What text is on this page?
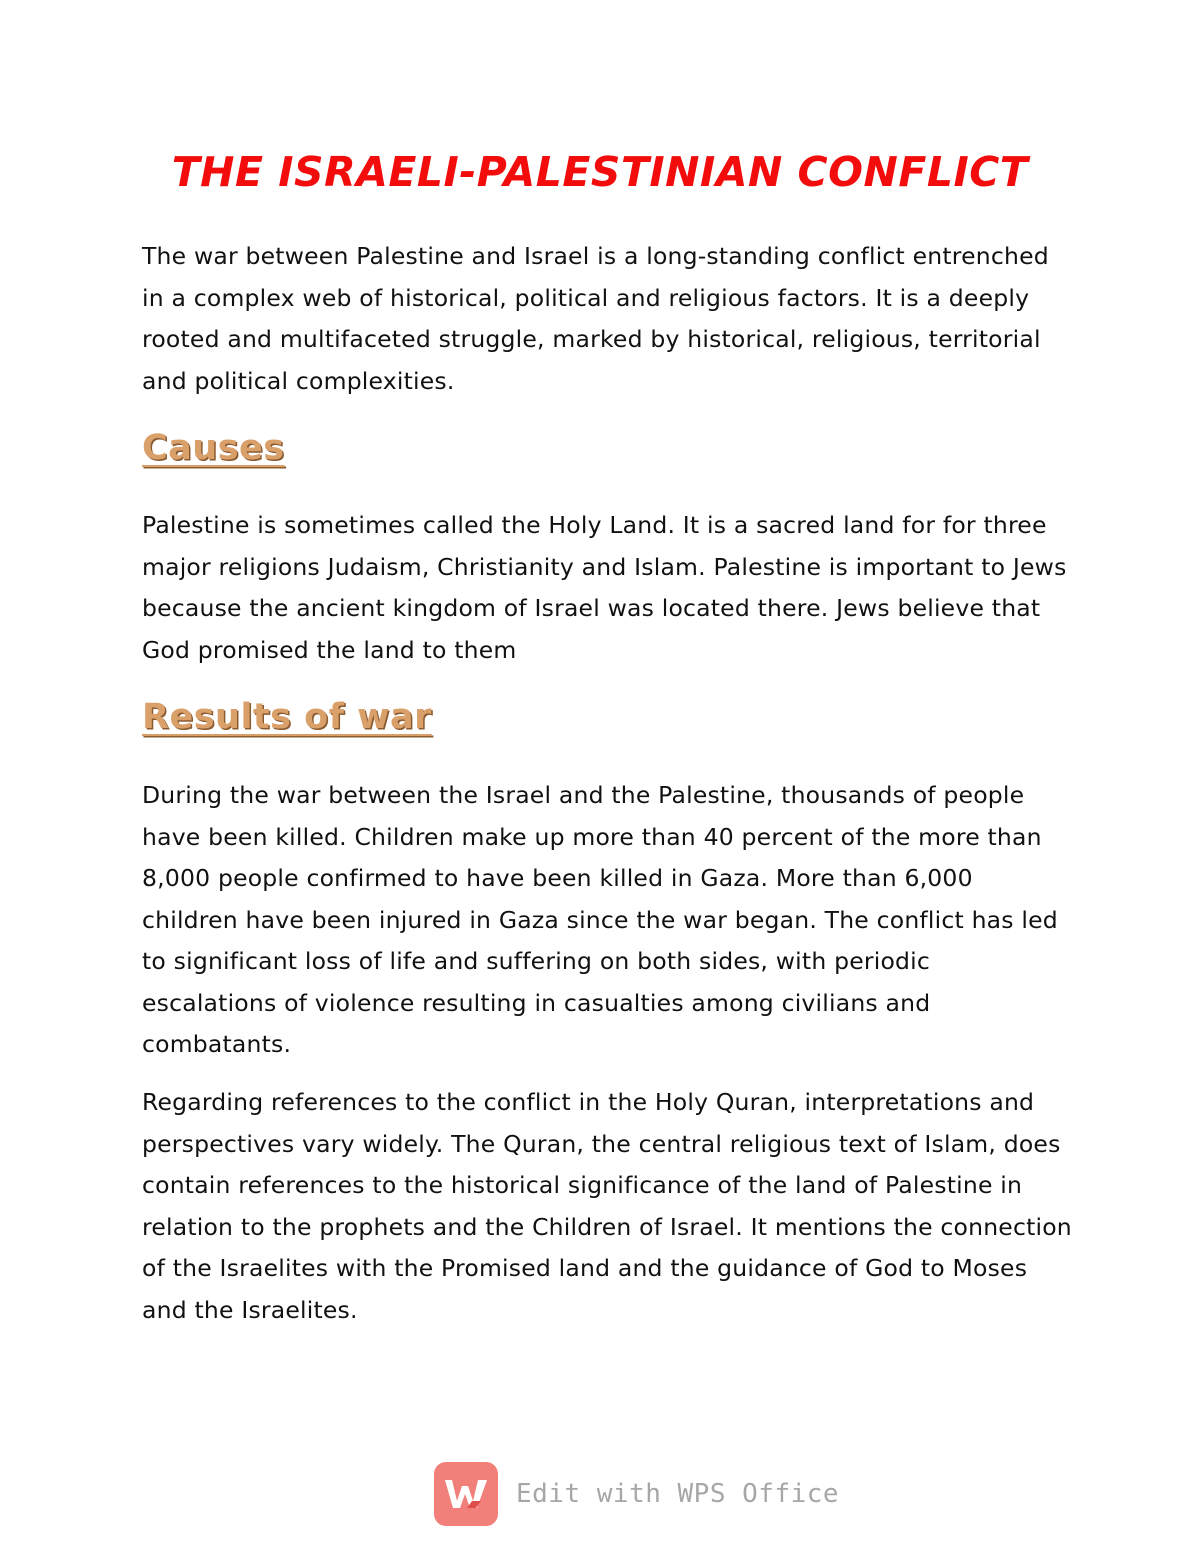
THE ISRAELI-PALESTINIAN CONFLICT

The war between Palestine and Israel is a long-standing conflict entrenched in a complex web of historical, political and religious factors. It is a deeply rooted and multifaceted struggle, marked by historical, religious, territorial and political complexities.

Causes

Palestine is sometimes called the Holy Land. It is a sacred land for for three major religions Judaism, Christianity and Islam. Palestine is important to Jews because the ancient kingdom of Israel was located there. Jews believe that God promised the land to them

Results of war

During the war between the Israel and the Palestine, thousands of people have been killed. Children make up more than 40 percent of the more than 8,000 people confirmed to have been killed in Gaza. More than 6,000 children have been injured in Gaza since the war began. The conflict has led to significant loss of life and suffering on both sides, with periodic escalations of violence resulting in casualties among civilians and combatants.

Regarding references to the conflict in the Holy Quran, interpretations and perspectives vary widely. The Quran, the central religious text of Islam, does contain references to the historical significance of the land of Palestine in relation to the prophets and the Children of Israel. It mentions the connection of the Israelites with the Promised land and the guidance of God to Moses and the Israelites.

Edit with WPS Office
